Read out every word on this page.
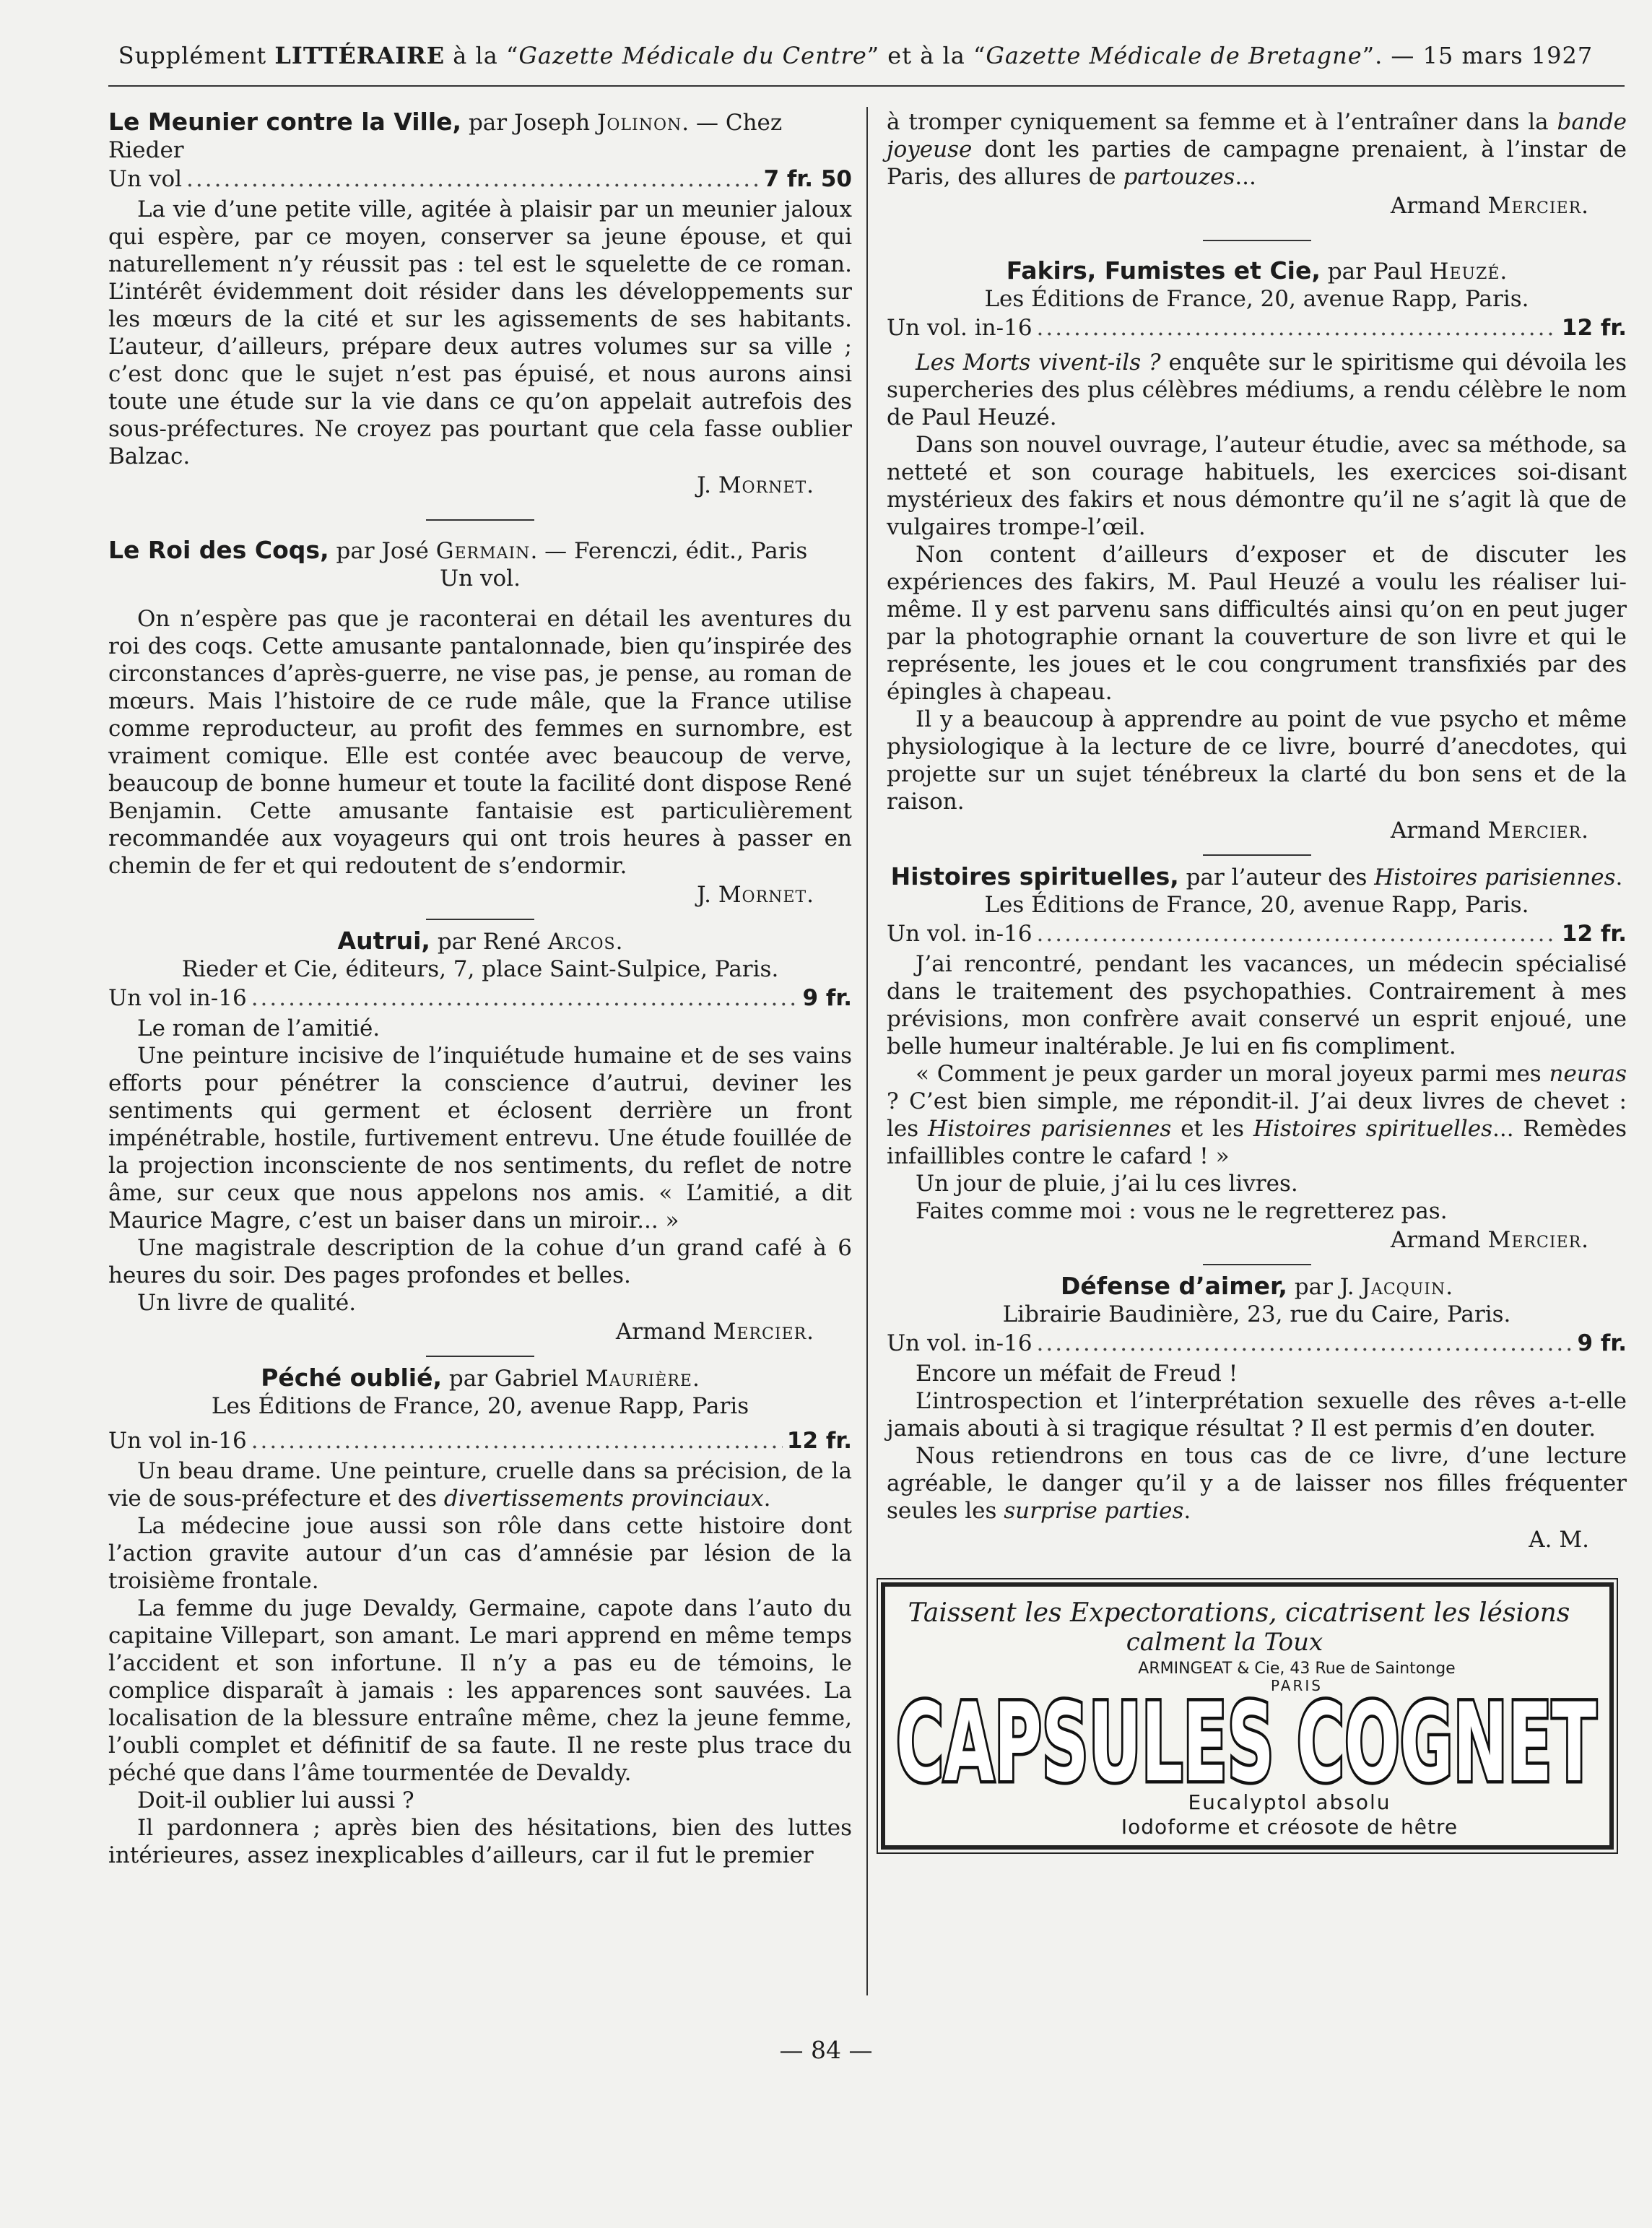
Supplément LITTÉRAIRE à la “Gazette Médicale du Centre” et à la “Gazette Médicale de Bretagne”. — 15 mars 1927

Le Meunier contre la Ville, par Joseph Jolinon. — Chez Rieder

Un vol .....	7 fr. 50

La vie d’une petite ville, agitée à plaisir par un meunier jaloux qui espère, par ce moyen, conserver sa jeune épouse, et qui naturellement n’y réussit pas : tel est le squelette de ce roman. L’intérêt évidemment doit résider dans les développements sur les mœurs de la cité et sur les agissements de ses habitants. L’auteur, d’ailleurs, prépare deux autres volumes sur sa ville ; c’est donc que le sujet n’est pas épuisé, et nous aurons ainsi toute une étude sur la vie dans ce qu’on appelait autrefois des sous-préfectures. Ne croyez pas pourtant que cela fasse oublier Balzac.

J. Mornet.

Le Roi des Coqs, par José Germain. — Ferenczi, édit., Paris

Un vol.

On n’espère pas que je raconterai en détail les aventures du roi des coqs. Cette amusante pantalonnade, bien qu’inspirée des circonstances d’après-guerre, ne vise pas, je pense, au roman de mœurs. Mais l’histoire de ce rude mâle, que la France utilise comme reproducteur, au profit des femmes en surnombre, est vraiment comique. Elle est contée avec beaucoup de verve, beaucoup de bonne humeur et toute la facilité dont dispose René Benjamin. Cette amusante fantaisie est particulièrement recommandée aux voyageurs qui ont trois heures à passer en chemin de fer et qui redoutent de s’endormir.

J. Mornet.

Autrui, par René Arcos.

Rieder et Cie, éditeurs, 7, place Saint-Sulpice, Paris.

Un vol in-16 .....	9 fr.

Le roman de l’amitié.

Une peinture incisive de l’inquiétude humaine et de ses vains efforts pour pénétrer la conscience d’autrui, deviner les sentiments qui germent et éclosent derrière un front impénétrable, hostile, furtivement entrevu. Une étude fouillée de la projection inconsciente de nos sentiments, du reflet de notre âme, sur ceux que nous appelons nos amis. « L’amitié, a dit Maurice Magre, c’est un baiser dans un miroir... »

Une magistrale description de la cohue d’un grand café à 6 heures du soir. Des pages profondes et belles.

Un livre de qualité.

Armand Mercier.

Péché oublié, par Gabriel Maurière.

Les Éditions de France, 20, avenue Rapp, Paris

Un vol in-16 .....	12 fr.

Un beau drame. Une peinture, cruelle dans sa précision, de la vie de sous-préfecture et des divertissements provinciaux.

La médecine joue aussi son rôle dans cette histoire dont l’action gravite autour d’un cas d’amnésie par lésion de la troisième frontale.

La femme du juge Devaldy, Germaine, capote dans l’auto du capitaine Villepart, son amant. Le mari apprend en même temps l’accident et son infortune. Il n’y a pas eu de témoins, le complice disparaît à jamais : les apparences sont sauvées. La localisation de la blessure entraîne même, chez la jeune femme, l’oubli complet et définitif de sa faute. Il ne reste plus trace du péché que dans l’âme tourmentée de Devaldy.

Doit-il oublier lui aussi ?

Il pardonnera ; après bien des hésitations, bien des luttes intérieures, assez inexplicables d’ailleurs, car il fut le premier

à tromper cyniquement sa femme et à l’entraîner dans la bande joyeuse dont les parties de campagne prenaient, à l’instar de Paris, des allures de partouzes...

Armand Mercier.

Fakirs, Fumistes et Cie, par Paul Heuzé.

Les Éditions de France, 20, avenue Rapp, Paris.

Un vol. in-16 .....	12 fr.

Les Morts vivent-ils ? enquête sur le spiritisme qui dévoila les supercheries des plus célèbres médiums, a rendu célèbre le nom de Paul Heuzé.

Dans son nouvel ouvrage, l’auteur étudie, avec sa méthode, sa netteté et son courage habituels, les exercices soi-disant mystérieux des fakirs et nous démontre qu’il ne s’agit là que de vulgaires trompe-l’œil.

Non content d’ailleurs d’exposer et de discuter les expériences des fakirs, M. Paul Heuzé a voulu les réaliser lui-même. Il y est parvenu sans difficultés ainsi qu’on en peut juger par la photographie ornant la couverture de son livre et qui le représente, les joues et le cou congrument transfixiés par des épingles à chapeau.

Il y a beaucoup à apprendre au point de vue psycho et même physiologique à la lecture de ce livre, bourré d’anecdotes, qui projette sur un sujet ténébreux la clarté du bon sens et de la raison.

Armand Mercier.

Histoires spirituelles, par l’auteur des Histoires parisiennes.

Les Éditions de France, 20, avenue Rapp, Paris.

Un vol. in-16 .....	12 fr.

J’ai rencontré, pendant les vacances, un médecin spécialisé dans le traitement des psychopathies. Contrairement à mes prévisions, mon confrère avait conservé un esprit enjoué, une belle humeur inaltérable. Je lui en fis compliment.

« Comment je peux garder un moral joyeux parmi mes neuras ? C’est bien simple, me répondit-il. J’ai deux livres de chevet : les Histoires parisiennes et les Histoires spirituelles... Remèdes infaillibles contre le cafard ! »

Un jour de pluie, j’ai lu ces livres.

Faites comme moi : vous ne le regretterez pas.

Armand Mercier.

Défense d’aimer, par J. Jacquin.

Librairie Baudinière, 23, rue du Caire, Paris.

Un vol. in-16 .....	9 fr.

Encore un méfait de Freud !

L’introspection et l’interprétation sexuelle des rêves a-t-elle jamais abouti à si tragique résultat ? Il est permis d’en douter.

Nous retiendrons en tous cas de ce livre, d’une lecture agréable, le danger qu’il y a de laisser nos filles fréquenter seules les surprise parties.

A. M.

Taissent les Expectorations, cicatrisent les lésions
calment la Toux
ARMINGEAT & Cie, 43 Rue de Saintonge
PARIS
CAPSULES COGNET
Eucalyptol absolu
Iodoforme et créosote de hêtre
— 84 —
